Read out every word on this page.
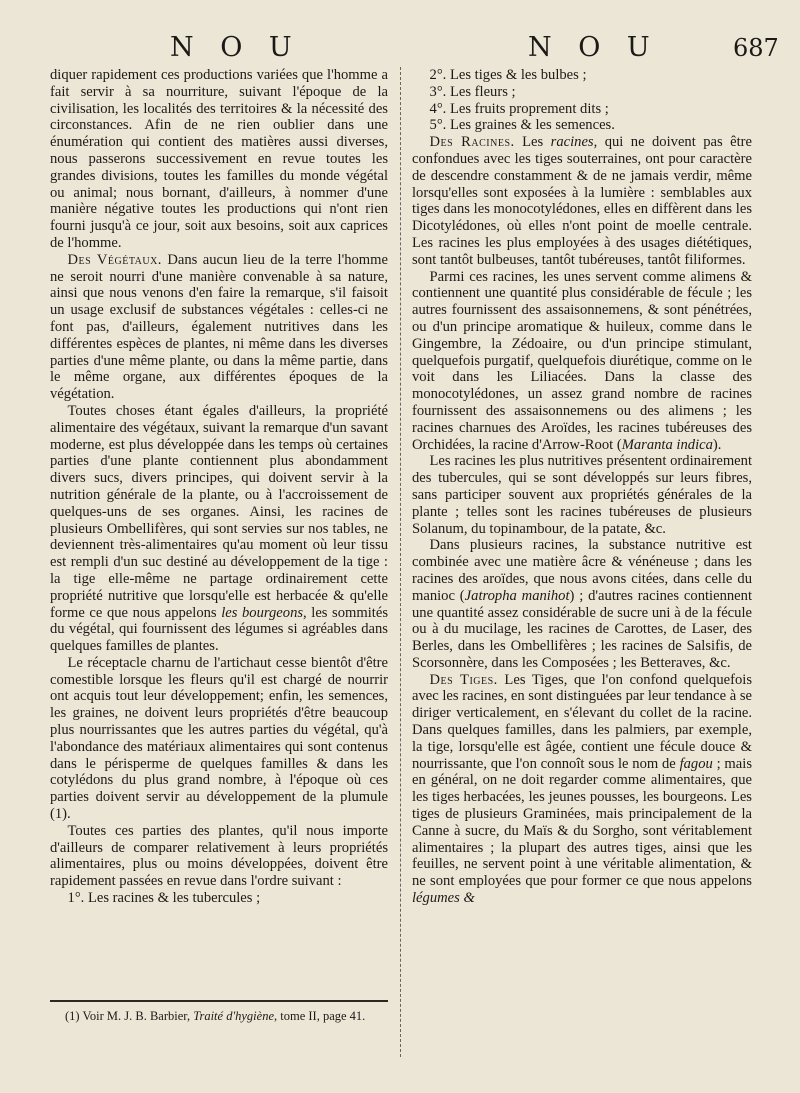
N O U	N O U	687

diquer rapidement ces productions variées que l'homme a fait servir à sa nourriture, suivant l'époque de la civilisation, les localités des territoires & la nécessité des circonstances. Afin de ne rien oublier dans une énumération qui contient des matières aussi diverses, nous passerons successivement en revue toutes les grandes divisions, toutes les familles du monde végétal ou animal; nous bornant, d'ailleurs, à nommer d'une manière négative toutes les productions qui n'ont rien fourni jusqu'à ce jour, soit aux besoins, soit aux caprices de l'homme.

Des Végétaux. Dans aucun lieu de la terre l'homme ne seroit nourri d'une manière convenable à sa nature, ainsi que nous venons d'en faire la remarque, s'il faisoit un usage exclusif de substances végétales : celles-ci ne font pas, d'ailleurs, également nutritives dans les différentes espèces de plantes, ni même dans les diverses parties d'une même plante, ou dans la même partie, dans le même organe, aux différentes époques de la végétation.

Toutes choses étant égales d'ailleurs, la propriété alimentaire des végétaux, suivant la remarque d'un savant moderne, est plus développée dans les temps où certaines parties d'une plante contiennent plus abondamment divers sucs, divers principes, qui doivent servir à la nutrition générale de la plante, ou à l'accroissement de quelques-uns de ses organes. Ainsi, les racines de plusieurs Ombellifères, qui sont servies sur nos tables, ne deviennent très-alimentaires qu'au moment où leur tissu est rempli d'un suc destiné au développement de la tige : la tige elle-même ne partage ordinairement cette propriété nutritive que lorsqu'elle est herbacée & qu'elle forme ce que nous appelons les bourgeons, les sommités du végétal, qui fournissent des légumes si agréables dans quelques familles de plantes.

Le réceptacle charnu de l'artichaut cesse bientôt d'être comestible lorsque les fleurs qu'il est chargé de nourrir ont acquis tout leur développement; enfin, les semences, les graines, ne doivent leurs propriétés d'être beaucoup plus nourrissantes que les autres parties du végétal, qu'à l'abondance des matériaux alimentaires qui sont contenus dans le périsperme de quelques familles & dans les cotylédons du plus grand nombre, à l'époque où ces parties doivent servir au développement de la plumule (1).

Toutes ces parties des plantes, qu'il nous importe d'ailleurs de comparer relativement à leurs propriétés alimentaires, plus ou moins développées, doivent être rapidement passées en revue dans l'ordre suivant :

1°. Les racines & les tubercules ;

(1) Voir M. J. B. Barbier, Traité d'hygiène, tome II, page 41.

2°. Les tiges & les bulbes ;

3°. Les fleurs ;

4°. Les fruits proprement dits ;

5°. Les graines & les semences.

Des Racines. Les racines, qui ne doivent pas être confondues avec les tiges souterraines, ont pour caractère de descendre constamment & de ne jamais verdir, même lorsqu'elles sont exposées à la lumière : semblables aux tiges dans les monocotylédones, elles en diffèrent dans les Dicotylédones, où elles n'ont point de moelle centrale. Les racines les plus employées à des usages diététiques, sont tantôt bulbeuses, tantôt tubéreuses, tantôt filiformes.

Parmi ces racines, les unes servent comme alimens & contiennent une quantité plus considérable de fécule ; les autres fournissent des assaisonnemens, & sont pénétrées, ou d'un principe aromatique & huileux, comme dans le Gingembre, la Zédoaire, ou d'un principe stimulant, quelquefois purgatif, quelquefois diurétique, comme on le voit dans les Liliacées. Dans la classe des monocotylédones, un assez grand nombre de racines fournissent des assaisonnemens ou des alimens ; les racines charnues des Aroïdes, les racines tubéreuses des Orchidées, la racine d'Arrow-Root (Maranta indica).

Les racines les plus nutritives présentent ordinairement des tubercules, qui se sont développés sur leurs fibres, sans participer souvent aux propriétés générales de la plante ; telles sont les racines tubéreuses de plusieurs Solanum, du topinambour, de la patate, &c.

Dans plusieurs racines, la substance nutritive est combinée avec une matière âcre & vénéneuse ; dans les racines des aroïdes, que nous avons citées, dans celle du manioc (Jatropha manihot) ; d'autres racines contiennent une quantité assez considérable de sucre uni à de la fécule ou à du mucilage, les racines de Carottes, de Laser, des Berles, dans les Ombellifères ; les racines de Salsifis, de Scorsonnère, dans les Composées ; les Betteraves, &c.

Des Tiges. Les Tiges, que l'on confond quelquefois avec les racines, en sont distinguées par leur tendance à se diriger verticalement, en s'élevant du collet de la racine. Dans quelques familles, dans les palmiers, par exemple, la tige, lorsqu'elle est âgée, contient une fécule douce & nourrissante, que l'on connoît sous le nom de fagou ; mais en général, on ne doit regarder comme alimentaires, que les tiges herbacées, les jeunes pousses, les bourgeons. Les tiges de plusieurs Graminées, mais principalement de la Canne à sucre, du Maïs & du Sorgho, sont véritablement alimentaires ; la plupart des autres tiges, ainsi que les feuilles, ne servent point à une véritable alimentation, & ne sont employées que pour former ce que nous appelons légumes &
